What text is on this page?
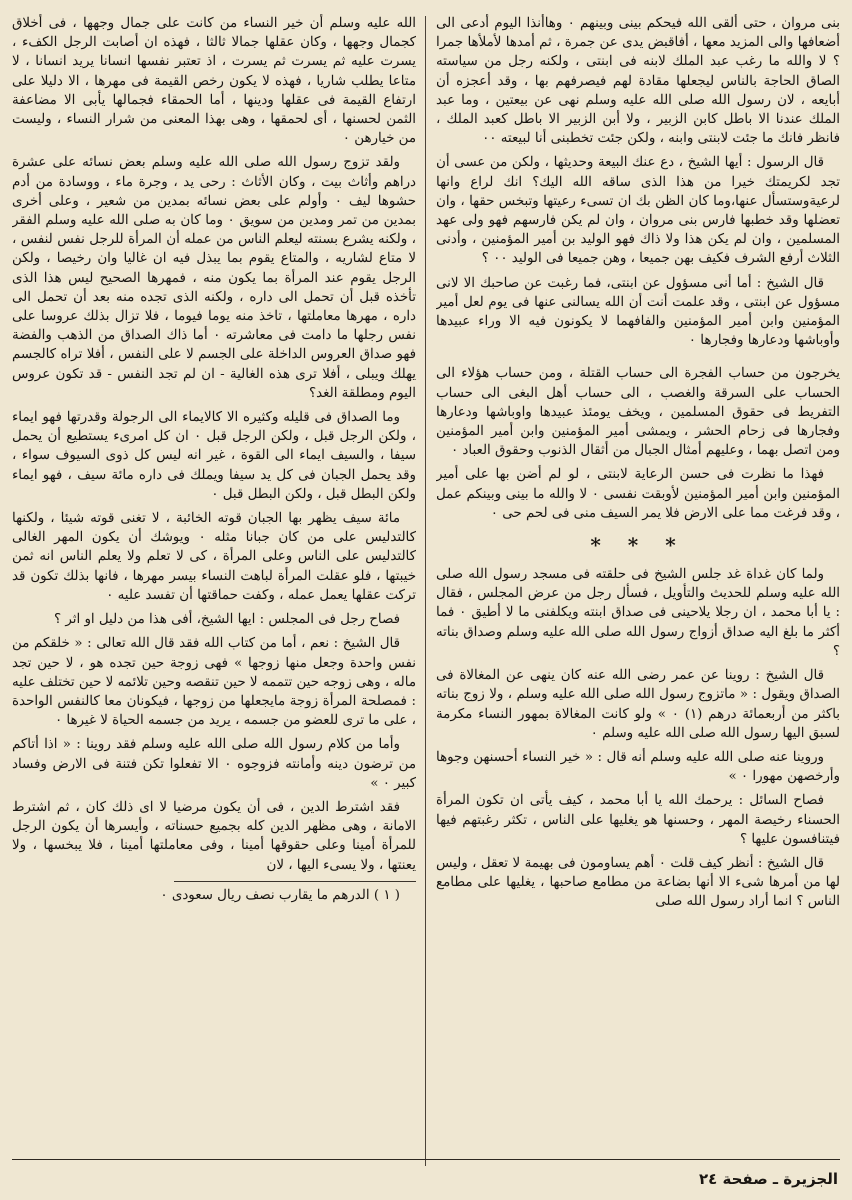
بنى مروان ، حتى ألقى الله فيحكم بينى وبينهم ٠ وهاأنذا اليوم أدعى الى أضعافها والى المزيد معها ، أفاقبض يدى عن جمرة ، ثم أمدها لأملأها جمرا ؟ لا والله ما رغب عبد الملك لابنه فى ابنتى ، ولكنه رجل من سياسته الصاق الحاجة بالناس ليجعلها مقادة لهم فيصرفهم بها ، وقد أعجزه أن أبايعه ، لان رسول الله صلى الله عليه وسلم نهى عن بيعتين ، وما عبد الملك عندنا الا باطل كابن الزبير ، ولا أبن الزبير الا باطل كعبد الملك ، فانظر فانك ما جئت لابنتى وابنه ، ولكن جئت تخطبنى أنا لبيعته ٠٠

قال الرسول : أيها الشيخ ، دع عنك البيعة وحديثها ، ولكن من عسى أن تجد لكريمتك خيرا من هذا الذى ساقه الله اليك؟ انك لراع وانها لرعيةوستسأل عنها،وما كان الظن بك ان تسىء رعيتها وتبخس حقها ، وان تعضلها وقد خطبها فارس بنى مروان ، وان لم يكن فارسهم فهو ولى عهد المسلمين ، وان لم يكن هذا ولا ذاك فهو الوليد بن أمير المؤمنين ، وأدنى الثلاث أرفع الشرف فكيف بهن جميعا ، وهن جميعا فى الوليد ٠٠ ؟

قال الشيخ : أما أنى مسؤول عن ابنتى، فما رغبت عن صاحبك الا لانى مسؤول عن ابنتى ، وقد علمت أنت أن الله يسالنى عنها فى يوم لعل أمير المؤمنين وابن أمير المؤمنين والفافهما لا يكونون فيه الا وراء عبيدها وأوباشها ودعارها وفجارها ٠

يخرجون من حساب الفجرة الى حساب القتلة ، ومن حساب هؤلاء الى الحساب على السرقة والغصب ، الى حساب أهل البغى الى حساب التفريط فى حقوق المسلمين ، ويخف يومئذ عبيدها واوباشها ودعارها وفجارها فى زحام الحشر ، ويمشى أمير المؤمنين وابن أمير المؤمنين ومن اتصل بهما ، وعليهم أمثال الجبال من أثقال الذنوب وحقوق العباد ٠

فهذا ما نظرت فى حسن الرعاية لابنتى ، لو لم أضن بها على أمير المؤمنين وابن أمير المؤمنين لأوبقت نفسى ٠ لا والله ما بينى وبينكم عمل ، وقد فرغت مما على الارض فلا يمر السيف منى فى لحم حى ٠

* * *

ولما كان غداة غد جلس الشيخ فى حلقته فى مسجد رسول الله صلى الله عليه وسلم للحديث والتأويل ، فسأل رجل من عرض المجلس ، فقال : يا أبا محمد ، ان رجلا يلاحينى فى صداق ابنته ويكلفنى ما لا أطيق ٠ فما أكثر ما بلغ اليه صداق أزواج رسول الله صلى الله عليه وسلم وصداق بناته ؟

قال الشيخ : روينا عن عمر رضى الله عنه كان ينهى عن المغالاة فى الصداق ويقول : « ماتزوج رسول الله صلى الله عليه وسلم ، ولا زوج بناته باكثر من أربعمائة درهم (١) ٠ » ولو كانت المغالاة بمهور النساء مكرمة لسبق اليها رسول الله صلى الله عليه وسلم ٠

وروينا عنه صلى الله عليه وسلم أنه قال : « خير النساء أحسنهن وجوها وأرخصهن مهورا ٠ »

فصاح السائل : يرحمك الله يا أبا محمد ، كيف يأتى ان تكون المرأة الحسناء رخيصة المهر ، وحسنها هو يغليها على الناس ، تكثر رغبتهم فيها فيتنافسون عليها ؟

قال الشيخ : أنظر كيف قلت ٠ أهم يساومون فى بهيمة لا تعقل ، وليس لها من أمرها شىء الا أنها بضاعة من مطامع صاحبها ، يغليها على مطامع الناس ؟ انما أراد رسول الله صلى

الله عليه وسلم أن خير النساء من كانت على جمال وجهها ، فى أخلاق كجمال وجهها ، وكان عقلها جمالا ثالثا ، فهذه ان أصابت الرجل الكفء ، يسرت عليه ثم يسرت ثم يسرت ، اذ تعتبر نفسها انسانا يريد انسانا ، لا متاعا يطلب شاريا ، فهذه لا يكون رخص القيمة فى مهرها ، الا دليلا على ارتفاع القيمة فى عقلها ودينها ، أما الحمقاء فجمالها يأبى الا مضاعفة الثمن لحسنها ، أى لحمقها ، وهى بهذا المعنى من شرار النساء ، وليست من خيارهن ٠

ولقد تزوج رسول الله صلى الله عليه وسلم بعض نسائه على عشرة دراهم وأثاث بيت ، وكان الأثاث : رحى يد ، وجرة ماء ، ووسادة من أدم حشوها ليف ٠ وأولم على بعض نسائه بمدين من شعير ، وعلى أخرى بمدين من تمر ومدين من سويق ٠ وما كان به صلى الله عليه وسلم الفقر ، ولكنه يشرع بسنته ليعلم الناس من عمله أن المرأة للرجل نفس لنفس ، لا متاع لشاريه ، والمتاع يقوم بما يبذل فيه ان غاليا وان رخيصا ، ولكن الرجل يقوم عند المرأة بما يكون منه ، فمهرها الصحيح ليس هذا الذى تأخذه قبل أن تحمل الى داره ، ولكنه الذى تجده منه بعد أن تحمل الى داره ، مهرها معاملتها ، تاخذ منه يوما فيوما ، فلا تزال بذلك عروسا على نفس رجلها ما دامت فى معاشرته ٠ أما ذاك الصداق من الذهب والفضة فهو صداق العروس الداخلة على الجسم لا على النفس ، أفلا تراه كالجسم يهلك ويبلى ، أفلا ترى هذه الغالية - ان لم تجد النفس - قد تكون عروس اليوم ومطلقة الغد؟

وما الصداق فى قليله وكثيره الا كالايماء الى الرجولة وقدرتها فهو ايماء ، ولكن الرجل قبل ، ولكن الرجل قبل ٠ ان كل امرىء يستطيع أن يحمل سيفا ، والسيف ايماء الى القوة ، غير انه ليس كل ذوى السيوف سواء ، وقد يحمل الجبان فى كل يد سيفا ويملك فى داره مائة سيف ، فهو ايماء ولكن البطل قبل ، ولكن البطل قبل ٠

مائة سيف يظهر بها الجبان قوته الخائبة ، لا تغنى قوته شيئا ، ولكنها كالتدليس على من كان جبانا مثله ٠ ويوشك أن يكون المهر الغالى كالتدليس على الناس وعلى المرأة ، كى لا تعلم ولا يعلم الناس انه ثمن خيبتها ، فلو عقلت المرأة لباهت النساء بيسر مهرها ، فانها بذلك تكون قد تركت عقلها يعمل عمله ، وكفت حماقتها أن تفسد عليه ٠

فصاح رجل فى المجلس : ايها الشيخ، أفى هذا من دليل او اثر ؟

قال الشيخ : نعم ، أما من كتاب الله فقد قال الله تعالى : « خلقكم من نفس واحدة وجعل منها زوجها » فهى زوجة حين تجده هو ، لا حين تجد ماله ، وهى زوجه حين تتممه لا حين تنقصه وحين تلائمه لا حين تختلف عليه : فمصلحة المرأة زوجة مايجعلها من زوجها ، فيكونان معا كالنفس الواحدة ، على ما ترى للعضو من جسمه ، يريد من جسمه الحياة لا غيرها ٠

وأما من كلام رسول الله صلى الله عليه وسلم فقد روينا : « اذا أتاكم من ترضون دينه وأمانته فزوجوه ٠ الا تفعلوا تكن فتنة فى الارض وفساد كبير ٠ »

فقد اشترط الدين ، فى أن يكون مرضيا لا اى ذلك كان ، ثم اشترط الامانة ، وهى مظهر الدين كله بجميع حسناته ، وأيسرها أن يكون الرجل للمرأة أمينا وعلى حقوقها أمينا ، وفى معاملتها أمينا ، فلا يبخسها ، ولا يعنتها ، ولا يسىء اليها ، لان

( ١ ) الدرهم ما يقارب نصف ريال سعودى ٠

الجزيرة ـ صفحة ٢٤
